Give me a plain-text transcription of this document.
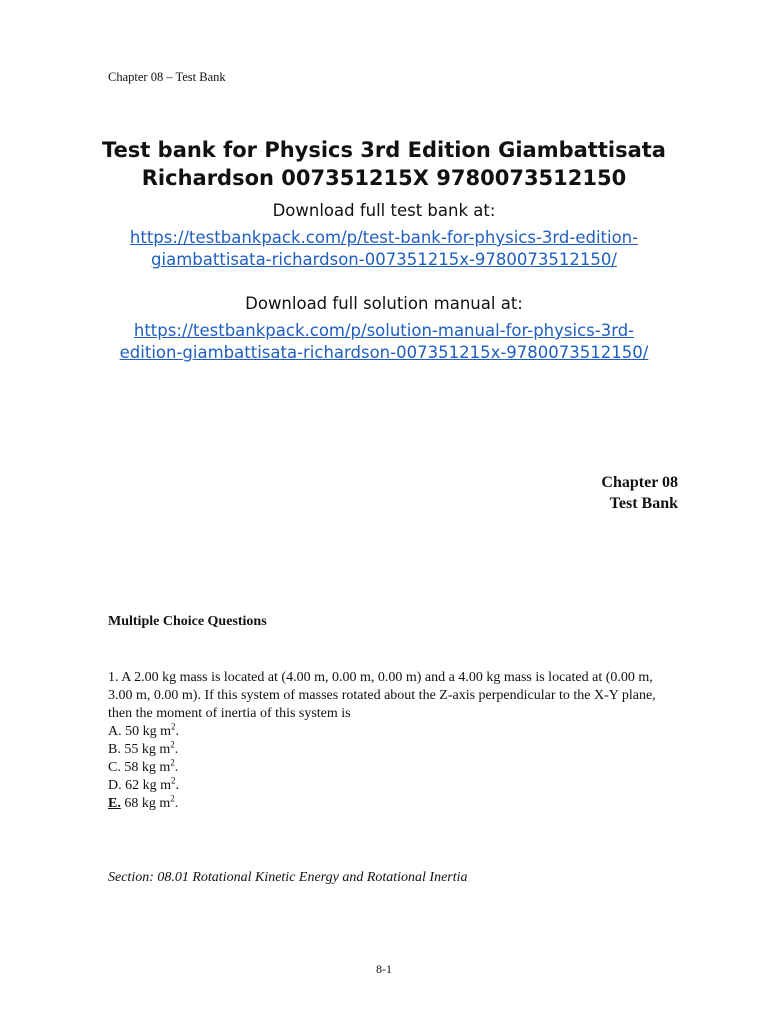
Chapter 08 – Test Bank

Test bank for Physics 3rd Edition Giambattisata
Richardson 007351215X 9780073512150

Download full test bank at:
https://testbankpack.com/p/test-bank-for-physics-3rd-edition-
giambattisata-richardson-007351215x-9780073512150/
Download full solution manual at:
https://testbankpack.com/p/solution-manual-for-physics-3rd-
edition-giambattisata-richardson-007351215x-9780073512150/
Chapter 08
Test Bank
Multiple Choice Questions
1. A 2.00 kg mass is located at (4.00 m, 0.00 m, 0.00 m) and a 4.00 kg mass is located at (0.00 m, 3.00 m, 0.00 m). If this system of masses rotated about the Z-axis perpendicular to the X-Y plane, then the moment of inertia of this system is
A. 50 kg $m^2$.
B. 55 kg $m^2$.
C. 58 kg $m^2$.
D. 62 kg $m^2$.
E. 68 kg $m^2$.
Section: 08.01 Rotational Kinetic Energy and Rotational Inertia
8-1
